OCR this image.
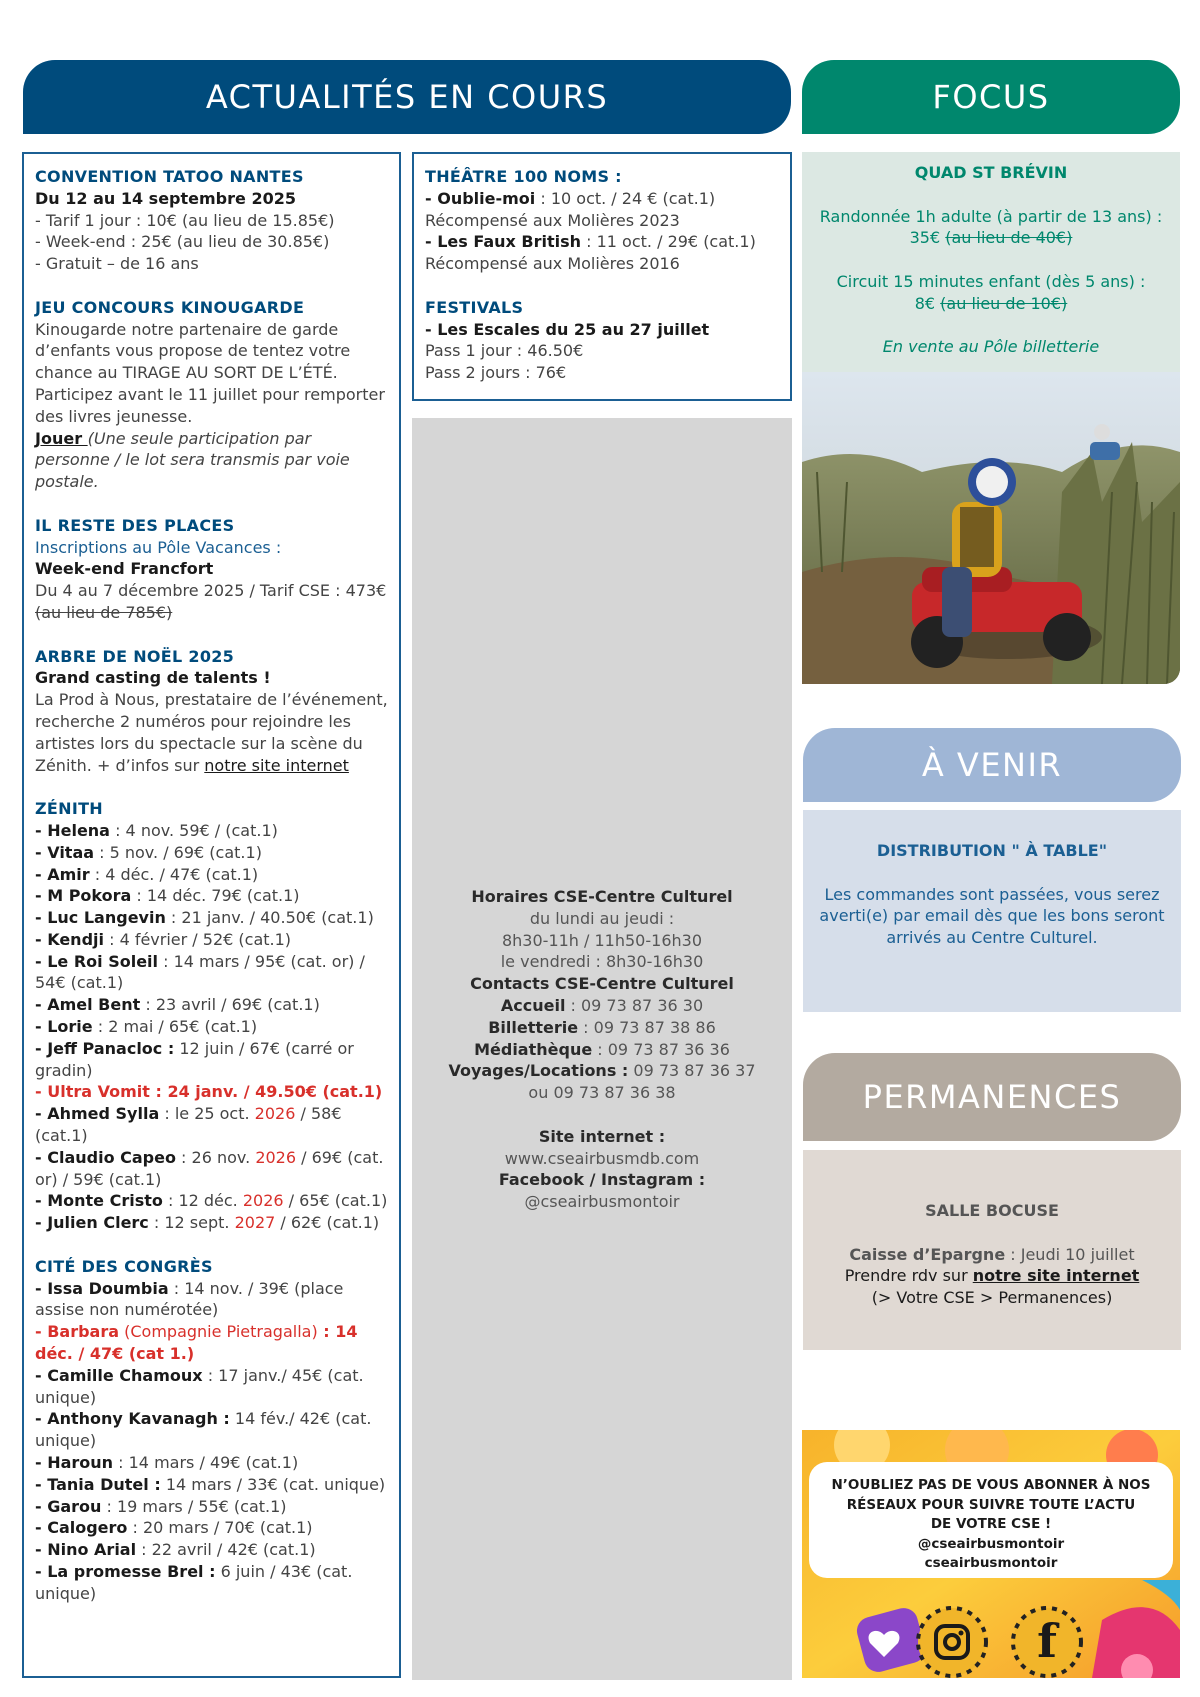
ACTUALITÉS EN COURS	FOCUS
À VENIR
PERMANENCES
CONVENTION TATOO NANTES
Du 12 au 14 septembre 2025
- Tarif 1 jour : 10€ (au lieu de 15.85€)
- Week-end : 25€ (au lieu de 30.85€)
- Gratuit – de 16 ans
JEU CONCOURS KINOUGARDE
Kinougarde notre partenaire de garde d’enfants vous propose de tentez votre chance au TIRAGE AU SORT DE L’ÉTÉ.
Participez avant le 11 juillet pour remporter des livres jeunesse.
Jouer (Une seule participation par personne / le lot sera transmis par voie postale.
IL RESTE DES PLACES
Inscriptions au Pôle Vacances :
Week-end Francfort
Du 4 au 7 décembre 2025 / Tarif CSE : 473€ (au lieu de 785€)
ARBRE DE NOËL 2025
Grand casting de talents !
La Prod à Nous, prestataire de l’événement, recherche 2 numéros pour rejoindre les artistes lors du spectacle sur la scène du Zénith. + d’infos sur notre site internet
ZÉNITH
- Helena : 4 nov. 59€ / (cat.1)
- Vitaa : 5 nov. / 69€ (cat.1)
- Amir : 4 déc. / 47€ (cat.1)
- M Pokora : 14 déc. 79€ (cat.1)
- Luc Langevin : 21 janv. / 40.50€ (cat.1)
- Kendji : 4 février / 52€ (cat.1)
- Le Roi Soleil : 14 mars / 95€ (cat. or) / 54€ (cat.1)
- Amel Bent : 23 avril / 69€ (cat.1)
- Lorie : 2 mai / 65€ (cat.1)
- Jeff Panacloc : 12 juin / 67€ (carré or gradin)
- Ultra Vomit : 24 janv. / 49.50€ (cat.1)
- Ahmed Sylla : le 25 oct. 2026 / 58€ (cat.1)
- Claudio Capeo : 26 nov. 2026 / 69€ (cat. or) / 59€ (cat.1)
- Monte Cristo : 12 déc. 2026 / 65€ (cat.1)
- Julien Clerc : 12 sept. 2027 / 62€ (cat.1)
CITÉ DES CONGRÈS
- Issa Doumbia : 14 nov. / 39€ (place assise non numérotée)
- Barbara (Compagnie Pietragalla) : 14 déc. / 47€ (cat 1.)
- Camille Chamoux : 17 janv./ 45€ (cat. unique)
- Anthony Kavanagh : 14 fév./ 42€ (cat. unique)
- Haroun : 14 mars / 49€ (cat.1)
- Tania Dutel : 14 mars / 33€ (cat. unique)
- Garou : 19 mars / 55€ (cat.1)
- Calogero : 20 mars / 70€ (cat.1)
- Nino Arial : 22 avril / 42€ (cat.1)
- La promesse Brel : 6 juin / 43€ (cat. unique)
THÉÂTRE 100 NOMS :
- Oublie-moi : 10 oct. / 24 € (cat.1)
Récompensé aux Molières 2023
- Les Faux British : 11 oct. / 29€ (cat.1)
Récompensé aux Molières 2016
FESTIVALS
- Les Escales du 25 au 27 juillet
Pass 1 jour : 46.50€
Pass 2 jours : 76€
Horaires CSE-Centre Culturel
du lundi au jeudi :
8h30-11h / 11h50-16h30
le vendredi : 8h30-16h30
Contacts CSE-Centre Culturel
Accueil : 09 73 87 36 30
Billetterie : 09 73 87 38 86
Médiathèque : 09 73 87 36 36
Voyages/Locations : 09 73 87 36 37
ou 09 73 87 36 38
Site internet :
www.cseairbusmdb.com
Facebook / Instagram :
@cseairbusmontoir
QUAD ST BRÉVIN
Randonnée 1h adulte (à partir de 13 ans) :
35€ (au lieu de 40€)
Circuit 15 minutes enfant (dès 5 ans) :
8€ (au lieu de 10€)
En vente au Pôle billetterie
DISTRIBUTION " À TABLE"
Les commandes sont passées, vous serez averti(e) par email dès que les bons seront arrivés au Centre Culturel.
SALLE BOCUSE
Caisse d’Epargne : Jeudi 10 juillet
Prendre rdv sur notre site internet
(> Votre CSE > Permanences)
f
N’OUBLIEZ PAS DE VOUS ABONNER À NOS
RÉSEAUX POUR SUIVRE TOUTE L’ACTU
DE VOTRE CSE !
@cseairbusmontoir
cseairbusmontoir
